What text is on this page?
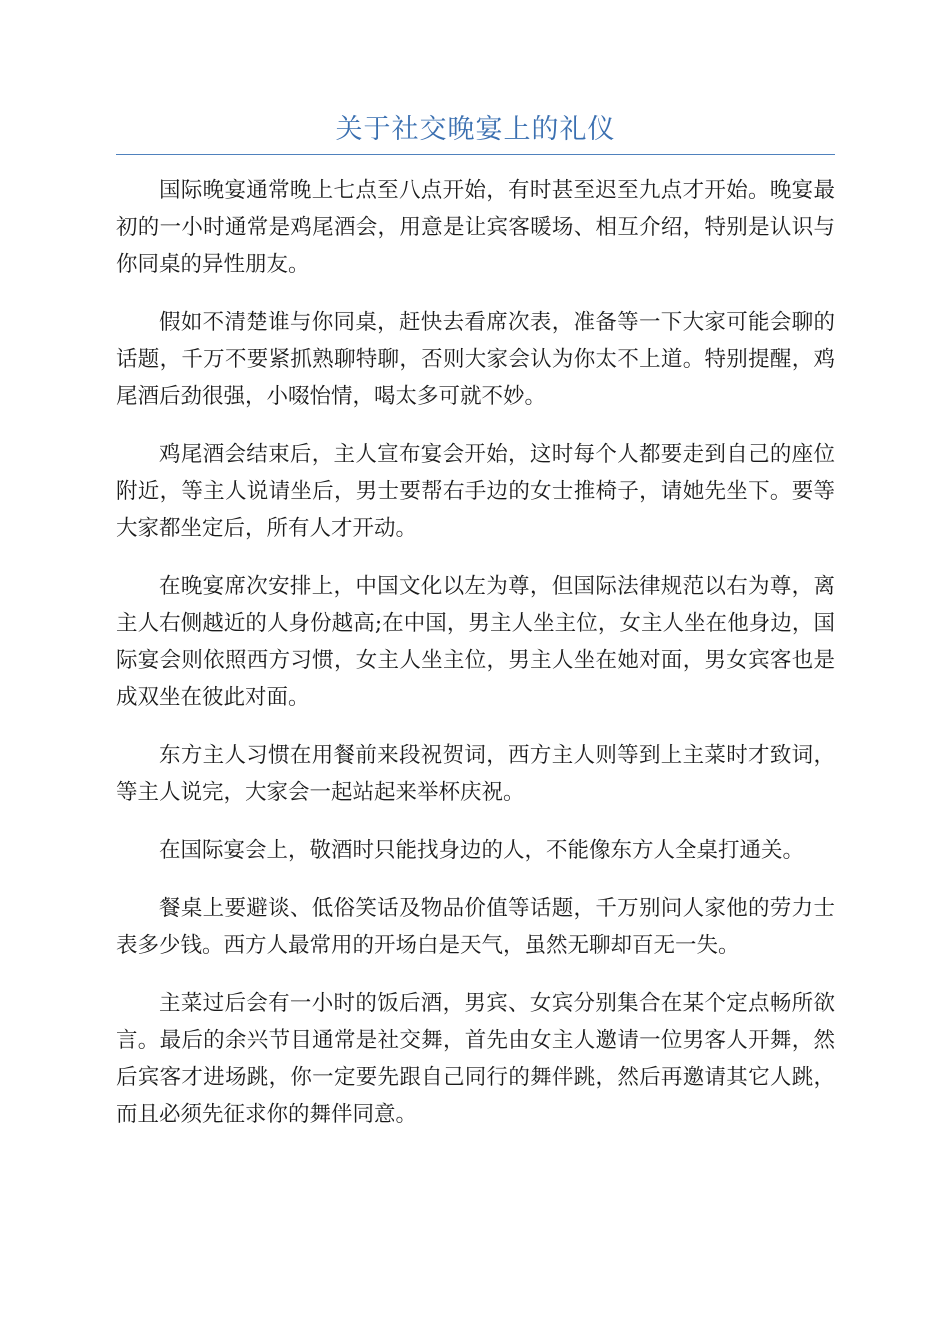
关于社交晚宴上的礼仪

国际晚宴通常晚上七点至八点开始，有时甚至迟至九点才开始。晚宴最初的一小时通常是鸡尾酒会，用意是让宾客暖场、相互介绍，特别是认识与你同桌的异性朋友。

假如不清楚谁与你同桌，赶快去看席次表，准备等一下大家可能会聊的话题，千万不要紧抓熟聊特聊，否则大家会认为你太不上道。特别提醒，鸡尾酒后劲很强，小啜怡情，喝太多可就不妙。

鸡尾酒会结束后，主人宣布宴会开始，这时每个人都要走到自己的座位附近，等主人说请坐后，男士要帮右手边的女士推椅子，请她先坐下。要等大家都坐定后，所有人才开动。

在晚宴席次安排上，中国文化以左为尊，但国际法律规范以右为尊，离主人右侧越近的人身份越高;在中国，男主人坐主位，女主人坐在他身边，国际宴会则依照西方习惯，女主人坐主位，男主人坐在她对面，男女宾客也是成双坐在彼此对面。

东方主人习惯在用餐前来段祝贺词，西方主人则等到上主菜时才致词，等主人说完，大家会一起站起来举杯庆祝。

在国际宴会上，敬酒时只能找身边的人，不能像东方人全桌打通关。

餐桌上要避谈、低俗笑话及物品价值等话题，千万别问人家他的劳力士表多少钱。西方人最常用的开场白是天气，虽然无聊却百无一失。

主菜过后会有一小时的饭后酒，男宾、女宾分别集合在某个定点畅所欲言。最后的余兴节目通常是社交舞，首先由女主人邀请一位男客人开舞，然后宾客才进场跳，你一定要先跟自己同行的舞伴跳，然后再邀请其它人跳，而且必须先征求你的舞伴同意。
